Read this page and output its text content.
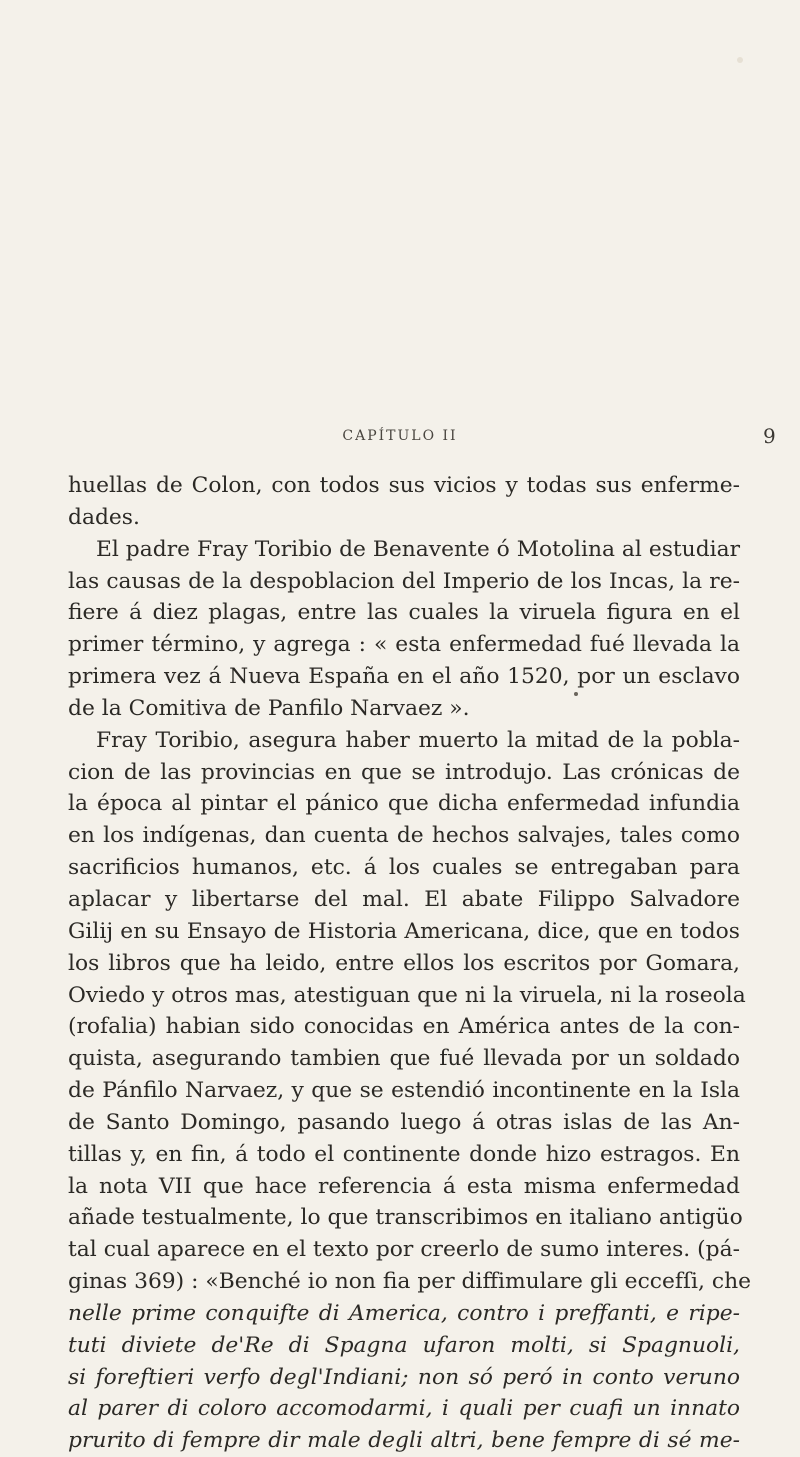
CAPÍTULO II	9
huellas de Colon, con todos sus vicios y todas sus enferme-
dades.
El padre Fray Toribio de Benavente ó Motolina al estudiar
las causas de la despoblacion del Imperio de los Incas, la re-
fiere á diez plagas, entre las cuales la viruela figura en el
primer término, y agrega : « esta enfermedad fué llevada la
primera vez á Nueva España en el año 1520, por un esclavo
de la Comitiva de Panfilo Narvaez ».
Fray Toribio, asegura haber muerto la mitad de la pobla-
cion de las provincias en que se introdujo. Las crónicas de
la época al pintar el pánico que dicha enfermedad infundia
en los indígenas, dan cuenta de hechos salvajes, tales como
sacrificios humanos, etc. á los cuales se entregaban para
aplacar y libertarse del mal. El abate Filippo Salvadore
Gilij en su Ensayo de Historia Americana, dice, que en todos
los libros que ha leido, entre ellos los escritos por Gomara,
Oviedo y otros mas, atestiguan que ni la viruela, ni la roseola
(rofalia) habian sido conocidas en América antes de la con-
quista, asegurando tambien que fué llevada por un soldado
de Pánfilo Narvaez, y que se estendió incontinente en la Isla
de Santo Domingo, pasando luego á otras islas de las An-
tillas y, en fin, á todo el continente donde hizo estragos. En
la nota VII que hace referencia á esta misma enfermedad
añade testualmente, lo que transcribimos en italiano antigüo
tal cual aparece en el texto por creerlo de sumo interes. (pá-
ginas 369) : «Benché io non fia per diffimulare gli eccefſi, che
nelle prime conquifte di America, contro i preffanti, e ripe-
tuti diviete de'Re di Spagna ufaron molti, si Spagnuoli,
si foreftieri verfo degl'Indiani; non só peró in conto veruno
al parer di coloro accomodarmi, i quali per cuafi un innato
prurito di fempre dir male degli altri, bene fempre di sé me-
